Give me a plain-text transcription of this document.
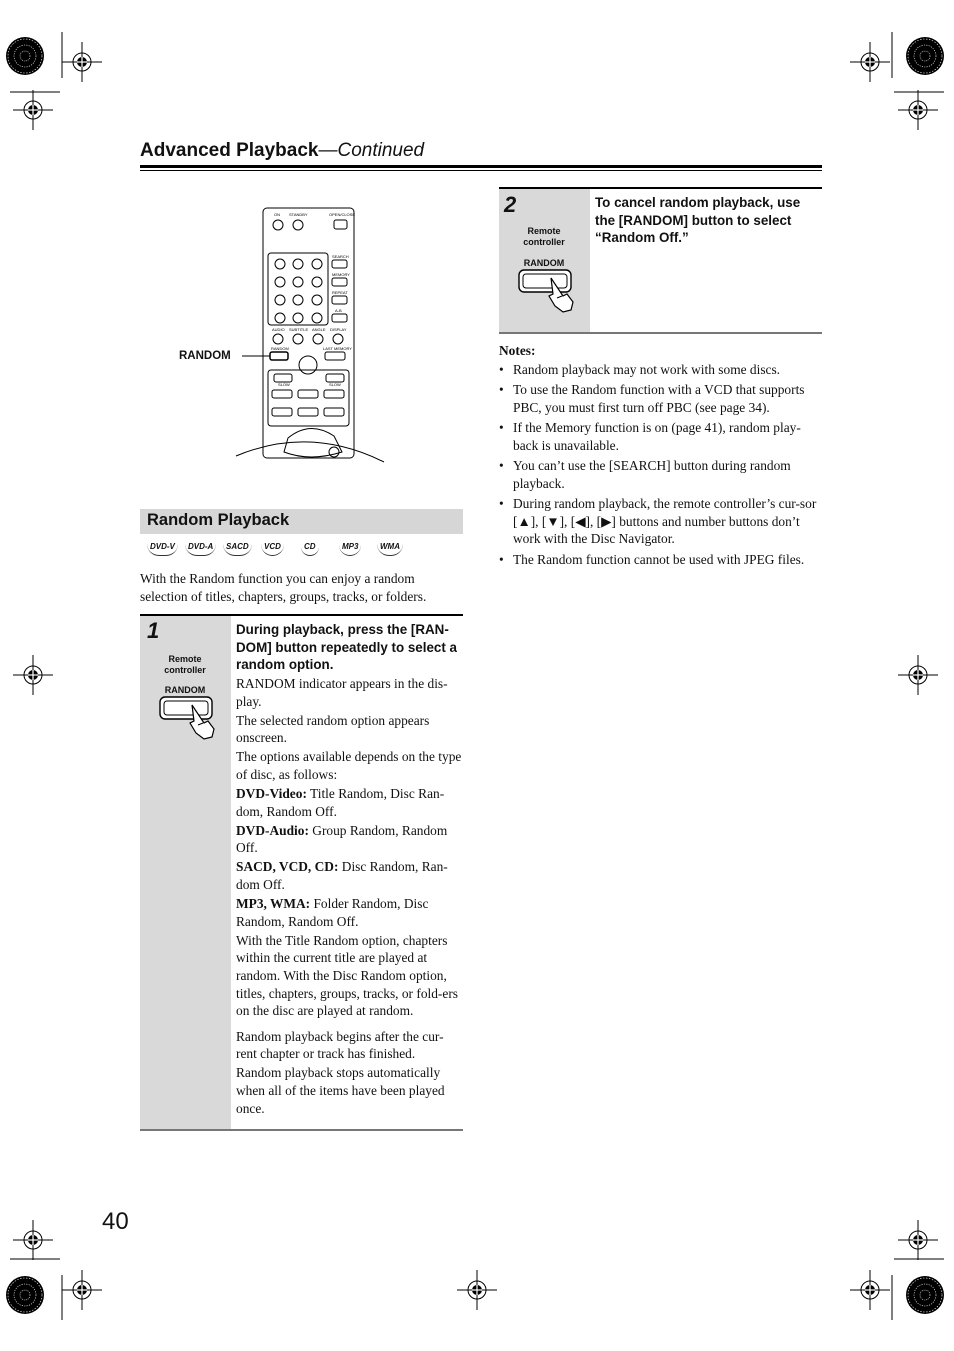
Advanced Playback—Continued
ON STANDBY	OPEN/CLOSE
SEARCH
MEMORY
REPEAT
A-B
AUDIO SUBTITLE ANGLE DISPLAY
RANDOM	LAST MEMORY
SLOW	SLOW
RANDOM
Random Playback
DVD-V	DVD-A	SACD	VCD	CD	MP3	WMA
With the Random function you can enjoy a random selection of titles, chapters, groups, tracks, or folders.
1
Remote
controller
RANDOM
During playback, press the [RAN-DOM] button repeatedly to select a random option.

RANDOM indicator appears in the dis-play.

The selected random option appears onscreen.

The options available depends on the type of disc, as follows:

DVD-Video: Title Random, Disc Ran-dom, Random Off.

DVD-Audio: Group Random, Random Off.

SACD, VCD, CD: Disc Random, Ran-dom Off.

MP3, WMA: Folder Random, Disc Random, Random Off.

With the Title Random option, chapters within the current title are played at random. With the Disc Random option, titles, chapters, groups, tracks, or fold-ers on the disc are played at random.

Random playback begins after the cur-rent chapter or track has finished.

Random playback stops automatically when all of the items have been played once.

2
Remote
controller
RANDOM
To cancel random playback, use the [RANDOM] button to select “Random Off.”
Notes:
• Random playback may not work with some discs.
• To use the Random function with a VCD that supports PBC, you must first turn off PBC (see page 34).
• If the Memory function is on (page 41), random play-back is unavailable.
• You can’t use the [SEARCH] button during random playback.
• During random playback, the remote controller’s cur-sor [▲], [▼], [◀], [▶] buttons and number buttons don’t work with the Disc Navigator.
• The Random function cannot be used with JPEG files.
40
